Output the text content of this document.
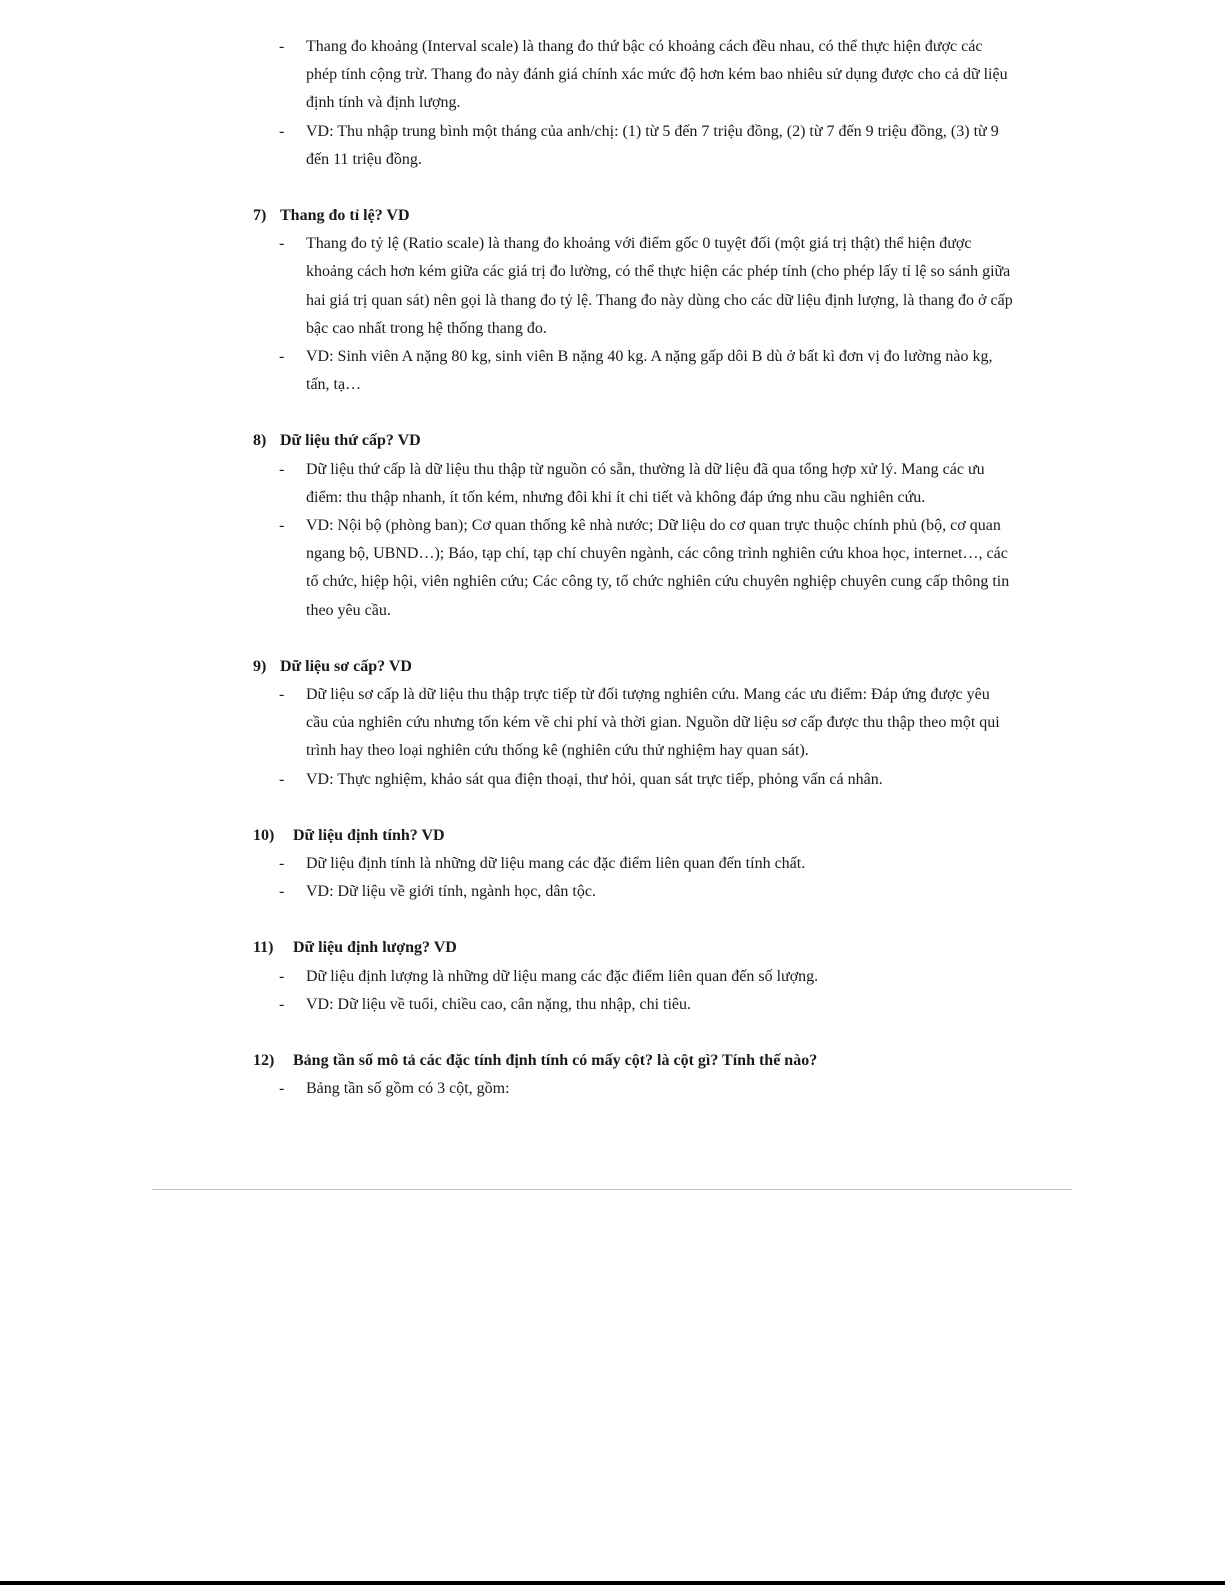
- Thang đo khoảng (Interval scale) là thang đo thứ bậc có khoảng cách đều nhau, có thể thực hiện được các phép tính cộng trừ. Thang đo này đánh giá chính xác mức độ hơn kém bao nhiêu sử dụng được cho cả dữ liệu định tính và định lượng.
- VD: Thu nhập trung bình một tháng của anh/chị: (1) từ 5 đến 7 triệu đồng, (2) từ 7 đến 9 triệu đồng, (3) từ 9 đến 11 triệu đồng.
7) Thang đo tỉ lệ? VD
- Thang đo tỷ lệ (Ratio scale) là thang đo khoảng với điểm gốc 0 tuyệt đối (một giá trị thật) thể hiện được khoảng cách hơn kém giữa các giá trị đo lường, có thể thực hiện các phép tính (cho phép lấy tỉ lệ so sánh giữa hai giá trị quan sát) nên gọi là thang đo tỷ lệ. Thang đo này dùng cho các dữ liệu định lượng, là thang đo ở cấp bậc cao nhất trong hệ thống thang đo.
- VD: Sinh viên A nặng 80 kg, sinh viên B nặng 40 kg. A nặng gấp dôi B dù ở bất kì đơn vị đo lường nào kg, tấn, tạ…
8) Dữ liệu thứ cấp? VD
- Dữ liệu thứ cấp là dữ liệu thu thập từ nguồn có sẵn, thường là dữ liệu đã qua tổng hợp xử lý. Mang các ưu điểm: thu thập nhanh, ít tốn kém, nhưng đôi khi ít chi tiết và không đáp ứng nhu cầu nghiên cứu.
- VD: Nội bộ (phòng ban); Cơ quan thống kê nhà nước; Dữ liệu do cơ quan trực thuộc chính phủ (bộ, cơ quan ngang bộ, UBND…); Báo, tạp chí, tạp chí chuyên ngành, các công trình nghiên cứu khoa học, internet…, các tổ chức, hiệp hội, viên nghiên cứu; Các công ty, tổ chức nghiên cứu chuyên nghiệp chuyên cung cấp thông tin theo yêu cầu.
9) Dữ liệu sơ cấp? VD
- Dữ liệu sơ cấp là dữ liệu thu thập trực tiếp từ đối tượng nghiên cứu. Mang các ưu điểm: Đáp ứng được yêu cầu của nghiên cứu nhưng tốn kém về chi phí và thời gian. Nguồn dữ liệu sơ cấp được thu thập theo một qui trình hay theo loại nghiên cứu thống kê (nghiên cứu thử nghiệm hay quan sát).
- VD: Thực nghiệm, khảo sát qua điện thoại, thư hỏi, quan sát trực tiếp, phỏng vấn cá nhân.
10) Dữ liệu định tính? VD
- Dữ liệu định tính là những dữ liệu mang các đặc điểm liên quan đến tính chất.
- VD: Dữ liệu về giới tính, ngành học, dân tộc.
11) Dữ liệu định lượng? VD
- Dữ liệu định lượng là những dữ liệu mang các đặc điểm liên quan đến số lượng.
- VD: Dữ liệu về tuổi, chiều cao, cân nặng, thu nhập, chi tiêu.
12) Bảng tần số mô tả các đặc tính định tính có mấy cột? là cột gì? Tính thế nào?
- Bảng tần số gồm có 3 cột, gồm:
